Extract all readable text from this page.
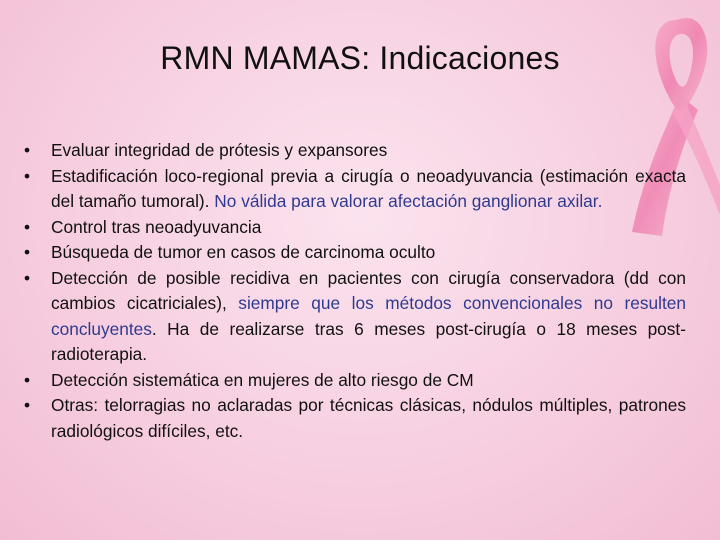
RMN MAMAS: Indicaciones
• Evaluar integridad de prótesis y expansores
• Estadificación loco-regional previa a cirugía o neoadyuvancia (estimación exacta del tamaño tumoral). No válida para valorar afectación ganglionar axilar.
• Control tras neoadyuvancia
• Búsqueda de tumor en casos de carcinoma oculto
• Detección de posible recidiva en pacientes con cirugía conservadora (dd con cambios cicatriciales), siempre que los métodos convencionales no resulten concluyentes. Ha de realizarse tras 6 meses post-cirugía o 18 meses post-radioterapia.
• Detección sistemática en mujeres de alto riesgo de CM
• Otras: telorragias no aclaradas por técnicas clásicas, nódulos múltiples, patrones radiológicos difíciles, etc.
